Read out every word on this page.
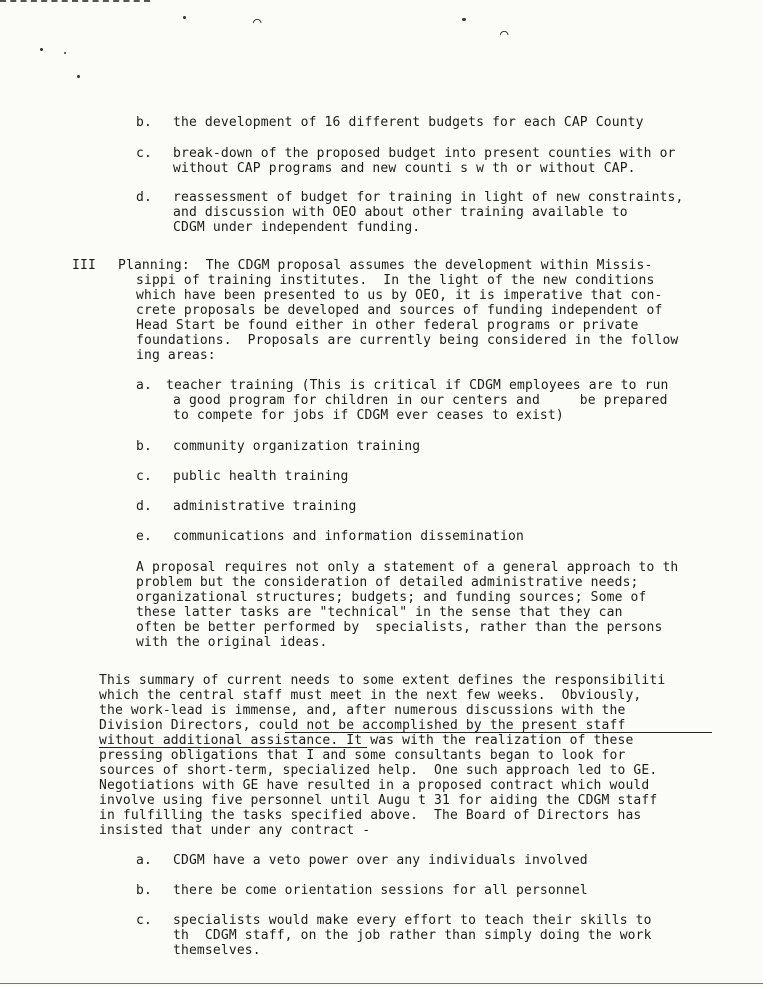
⌒
⌒
b. the development of 16 different budgets for each CAP County
c. break-down of the proposed budget into present counties with or
without CAP programs and new counti s w th or without CAP.
d. reassessment of budget for training in light of new constraints,
and discussion with OEO about other training available to
CDGM under independent funding.
III Planning:  The CDGM proposal assumes the development within Missis-
sippi of training institutes.  In the light of the new conditions
which have been presented to us by OEO, it is imperative that con-
crete proposals be developed and sources of funding independent of
Head Start be found either in other federal programs or private
foundations.  Proposals are currently being considered in the follow
ing areas:
a. teacher training (This is critical if CDGM employees are to run
a good program for children in our centers and     be prepared
to compete for jobs if CDGM ever ceases to exist)
b. community organization training
c. public health training
d. administrative training
e. communications and information dissemination
A proposal requires not only a statement of a general approach to th
problem but the consideration of detailed administrative needs;
organizational structures; budgets; and funding sources; Some of
these latter tasks are "technical" in the sense that they can
often be better performed by  specialists, rather than the persons
with the original ideas.
This summary of current needs to some extent defines the responsibiliti
which the central staff must meet in the next few weeks.  Obviously,
the work-lead is immense, and, after numerous discussions with the
Division Directors, could not be accomplished by the present staff
without additional assistance. It was with the realization of these
pressing obligations that I and some consultants began to look for
sources of short-term, specialized help.  One such approach led to GE.
Negotiations with GE have resulted in a proposed contract which would
involve using five personnel until Augu t 31 for aiding the CDGM staff
in fulfilling the tasks specified above.  The Board of Directors has
insisted that under any contract -
a. CDGM have a veto power over any individuals involved
b. there be come orientation sessions for all personnel
c. specialists would make every effort to teach their skills to
th  CDGM staff, on the job rather than simply doing the work
themselves.
